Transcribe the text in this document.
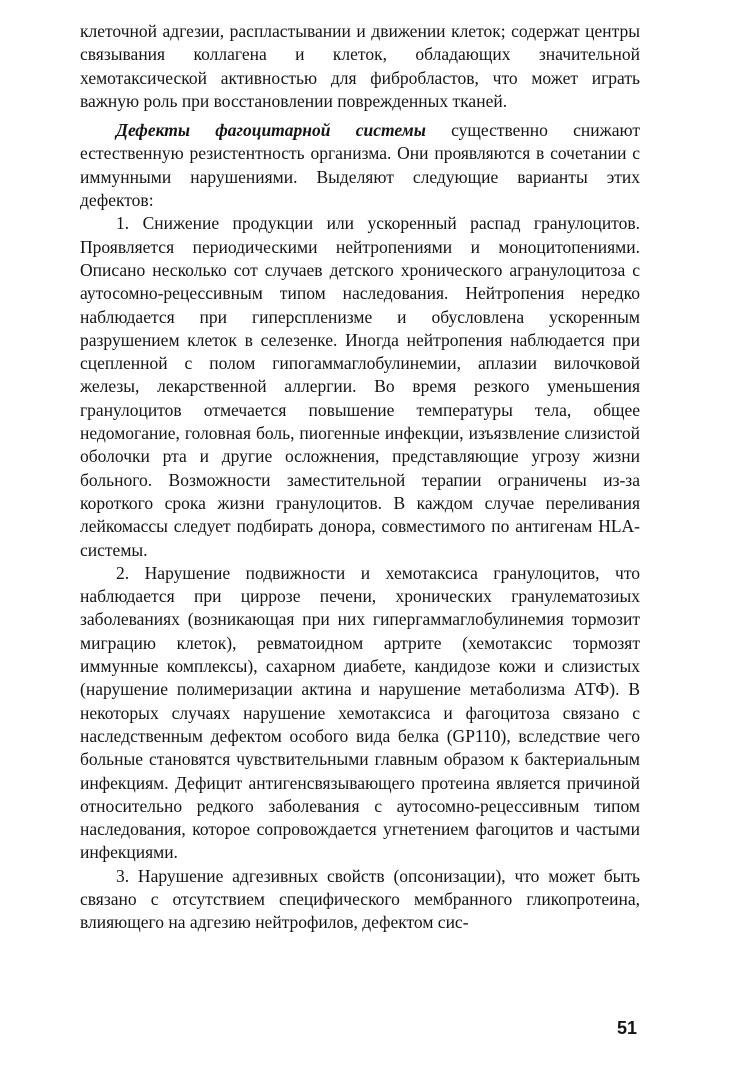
клеточной адгезии, распластывании и движении клеток; содержат центры связывания коллагена и клеток, обладающих значительной хемотаксической активностью для фибробластов, что может играть важную роль при восстановлении поврежденных тканей.

Дефекты фагоцитарной системы существенно снижают естественную резистентность организма. Они проявляются в сочетании с иммунными нарушениями. Выделяют следующие варианты этих дефектов:

1. Снижение продукции или ускоренный распад гранулоцитов. Проявляется периодическими нейтропениями и моноцитопениями. Описано несколько сот случаев детского хронического агранулоцитоза с аутосомно-рецессивным типом наследования. Нейтропения нередко наблюдается при гиперспленизме и обусловлена ускоренным разрушением клеток в селезенке. Иногда нейтропения наблюдается при сцепленной с полом гипогаммаглобулинемии, аплазии вилочковой железы, лекарственной аллергии. Во время резкого уменьшения гранулоцитов отмечается повышение температуры тела, общее недомогание, головная боль, пиогенные инфекции, изъязвление слизистой оболочки рта и другие осложнения, представляющие угрозу жизни больного. Возможности заместительной терапии ограничены из-за короткого срока жизни гранулоцитов. В каждом случае переливания лейкомассы следует подбирать донора, совместимого по антигенам HLA-системы.

2. Нарушение подвижности и хемотаксиса гранулоцитов, что наблюдается при циррозе печени, хронических гранулематозиых заболеваниях (возникающая при них гипергаммаглобулинемия тормозит миграцию клеток), ревматоидном артрите (хемотаксис тормозят иммунные комплексы), сахарном диабете, кандидозе кожи и слизистых (нарушение полимеризации актина и нарушение метаболизма АТФ). В некоторых случаях нарушение хемотаксиса и фагоцитоза связано с наследственным дефектом особого вида белка (GP110), вследствие чего больные становятся чувствительными главным образом к бактериальным инфекциям. Дефицит антигенсвязывающего протеина является причиной относительно редкого заболевания с аутосомно-рецессивным типом наследования, которое сопровождается угнетением фагоцитов и частыми инфекциями.

3. Нарушение адгезивных свойств (опсонизации), что может быть связано с отсутствием специфического мембранного гликопротеина, влияющего на адгезию нейтрофилов, дефектом сис-

51
